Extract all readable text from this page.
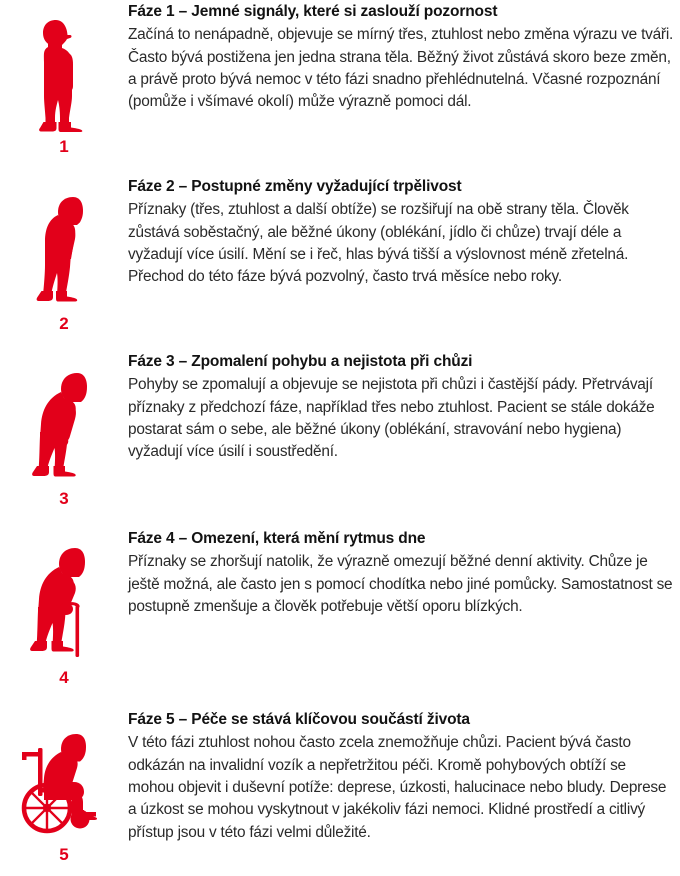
1
Fáze 1 – Jemné signály, které si zaslouží pozornost

Začíná to nenápadně, objevuje se mírný třes, ztuhlost nebo změna výrazu ve tváři. Často bývá postižena jen jedna strana těla. Běžný život zůstává skoro beze změn, a právě proto bývá nemoc v této fázi snadno přehlédnutelná. Včasné rozpoznání (pomůže i všímavé okolí) může výrazně pomoci dál.

2
Fáze 2 – Postupné změny vyžadující trpělivost

Příznaky (třes, ztuhlost a další obtíže) se rozšiřují na obě strany těla. Člověk zůstává soběstačný, ale běžné úkony (oblékání, jídlo či chůze) trvají déle a vyžadují více úsilí. Mění se i řeč, hlas bývá tišší a výslovnost méně zřetelná. Přechod do této fáze bývá pozvolný, často trvá měsíce nebo roky.

3
Fáze 3 – Zpomalení pohybu a nejistota při chůzi

Pohyby se zpomalují a objevuje se nejistota při chůzi i častější pády. Přetrvávají příznaky z předchozí fáze, například třes nebo ztuhlost. Pacient se stále dokáže postarat sám o sebe, ale běžné úkony (oblékání, stravování nebo hygiena) vyžadují více úsilí i soustředění.

4
Fáze 4 – Omezení, která mění rytmus dne

Příznaky se zhoršují natolik, že výrazně omezují běžné denní aktivity. Chůze je ještě možná, ale často jen s pomocí chodítka nebo jiné pomůcky. Samostatnost se postupně zmenšuje a člověk potřebuje větší oporu blízkých.

5
Fáze 5 – Péče se stává klíčovou součástí života

V této fázi ztuhlost nohou často zcela znemožňuje chůzi. Pacient bývá často odkázán na invalidní vozík a nepřetržitou péči. Kromě pohybových obtíží se mohou objevit i duševní potíže: deprese, úzkosti, halucinace nebo bludy. Deprese a úzkost se mohou vyskytnout v jakékoliv fázi nemoci. Klidné prostředí a citlivý přístup jsou v této fázi velmi důležité.
